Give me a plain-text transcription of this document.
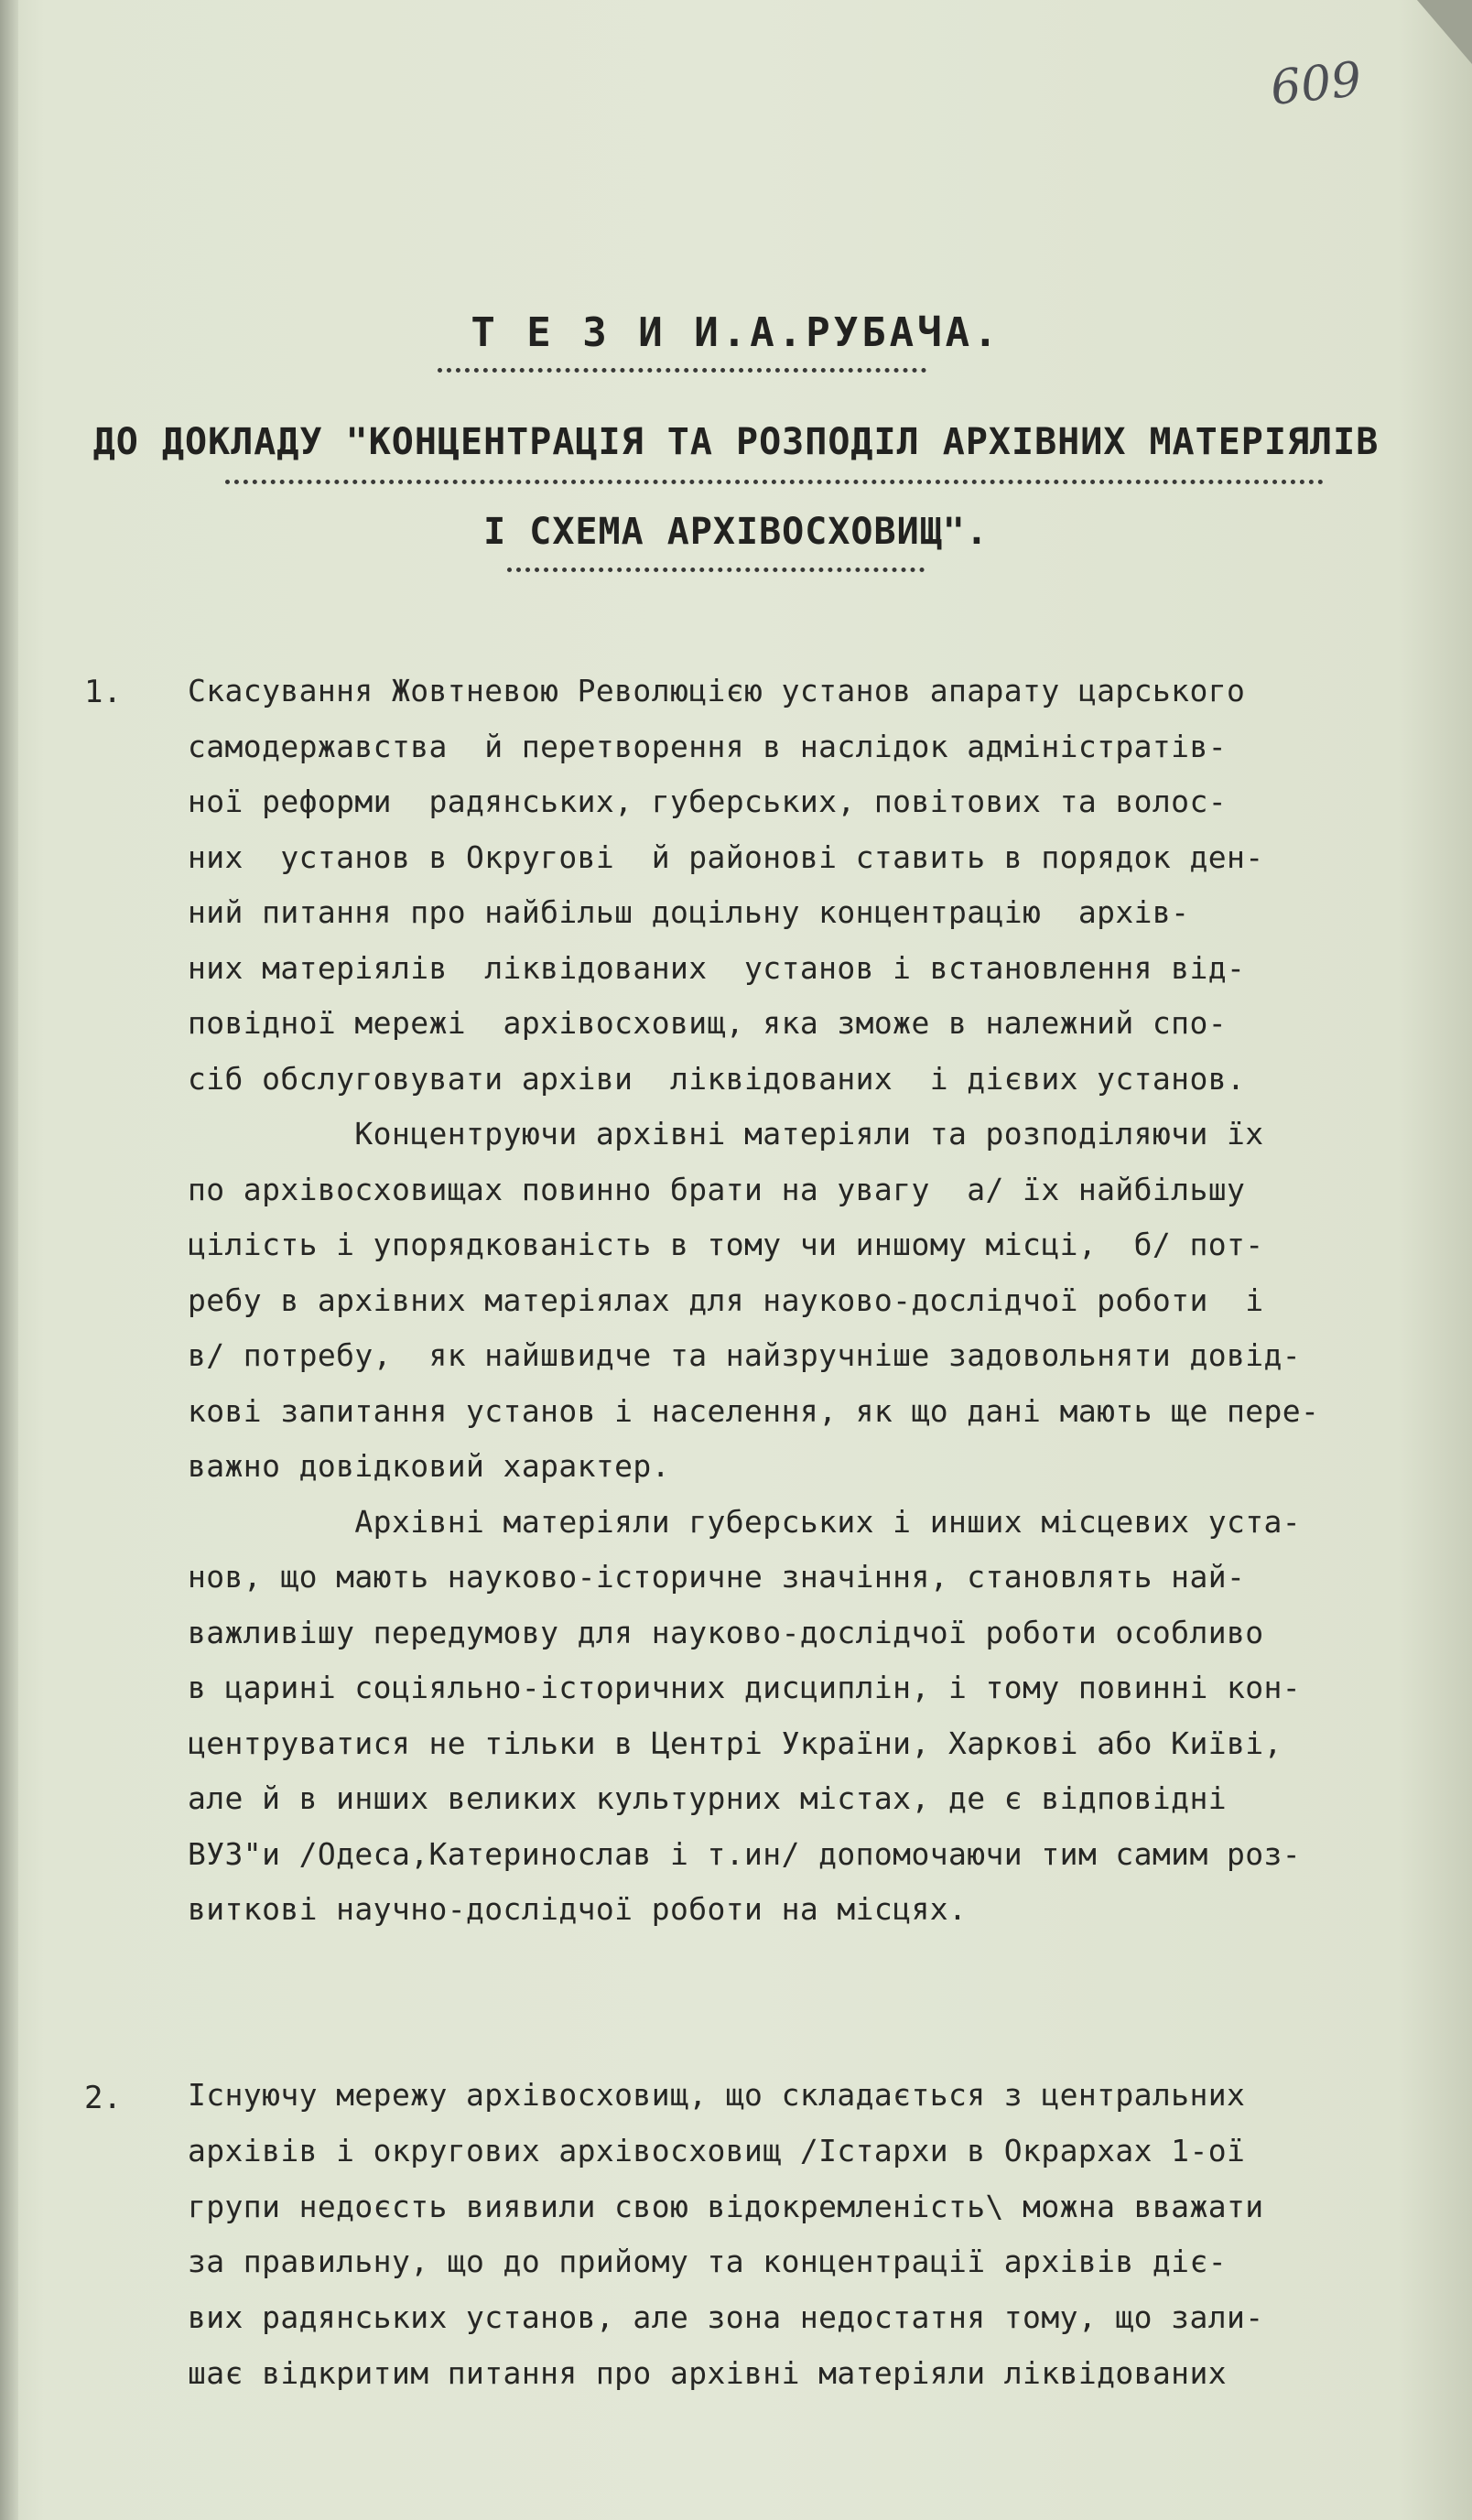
609
Т Е З И И.А.РУБАЧА.
ДО ДОКЛАДУ "КОНЦЕНТРАЦІЯ ТА РОЗПОДІЛ АРХІВНИХ МАТЕРІЯЛІВ
І СХЕМА АРХІВОСХОВИЩ".
1.
2.
Скасування Жовтневою Революцією установ апарату царського
самодержавства  й перетворення в наслідок адміністратів-
ної реформи  радянських, губерських, повітових та волос-
них  установ в Округові  й районові ставить в порядок ден-
ний питання про найбільш доцільну концентрацію  архів-
них матеріялів  ліквідованих  установ і встановлення від-
повідної мережі  архівосховищ, яка зможе в належний спо-
сіб обслуговувати архіви  ліквідованих  і дієвих установ.
Концентруючи архівні матеріяли та розподіляючи їх
по архівосховищах повинно брати на увагу  а/ їх найбільшу
цілість і упорядкованість в тому чи иншому місці,  б/ пот-
ребу в архівних матеріялах для науково-дослідчої роботи  і
в/ потребу,  як найшвидче та найзручніше задовольняти довід-
кові запитання установ і населення, як що дані мають ще пере-
важно довідковий характер.
Архівні матеріяли губерських і инших місцевих уста-
нов, що мають науково-історичне значіння, становлять най-
важливішу передумову для науково-дослідчої роботи особливо
в царині соціяльно-історичних дисциплін, і тому повинні кон-
центруватися не тільки в Центрі України, Харкові або Київі,
але й в инших великих культурних містах, де є відповідні
ВУЗ"и /Одеса,Катеринослав і т.ин/ допомочаючи тим самим роз-
виткові научно-дослідчої роботи на місцях.
Існуючу мережу архівосховищ, що складається з центральних
архівів і округових архівосховищ /Істархи в Окрархах 1-ої
групи недоєсть виявили свою відокремленість\ можна вважати
за правильну, що до прийому та концентрації архівів діє-
вих радянських установ, але зона недостатня тому, що зали-
шає відкритим питання про архівні матеріяли ліквідованих
